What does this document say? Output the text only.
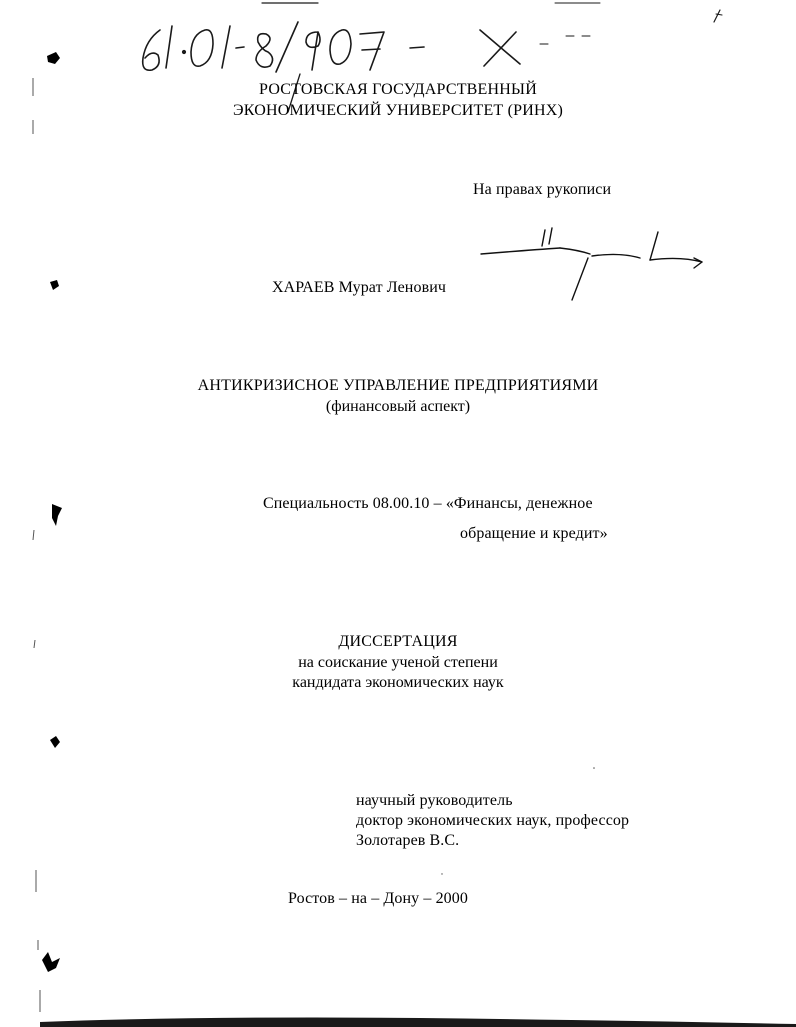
РОСТОВСКАЯ ГОСУДАРСТВЕННЫЙ
ЭКОНОМИЧЕСКИЙ УНИВЕРСИТЕТ (РИНХ)
На правах рукописи
ХАРАЕВ Мурат Ленович
АНТИКРИЗИСНОЕ УПРАВЛЕНИЕ ПРЕДПРИЯТИЯМИ
(финансовый аспект)
Специальность 08.00.10 – «Финансы, денежное
обращение и кредит»
ДИССЕРТАЦИЯ
на соискание ученой степени
кандидата экономических наук
научный руководитель
доктор экономических наук, профессор
Золотарев В.С.
Ростов – на – Дону – 2000
